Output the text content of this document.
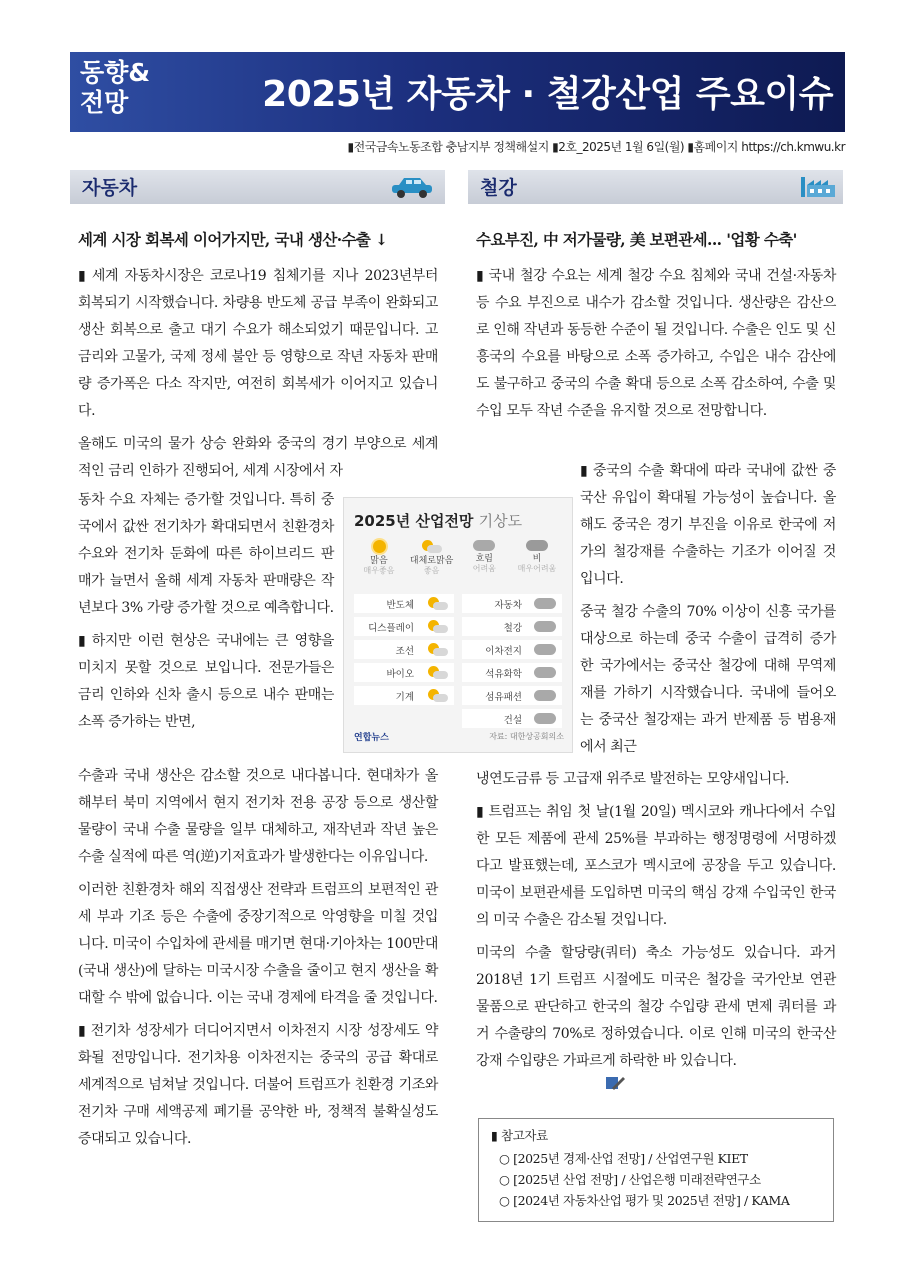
동향&전망	2025년 자동차 · 철강산업 주요이슈
▮전국금속노동조합 충남지부 정책해설지 ▮2호_2025년 1월 6일(월) ▮홈페이지 https://ch.kmwu.kr
자동차	철강
세계 시장 회복세 이어가지만, 국내 생산·수출 ↓

▮ 세계 자동차시장은 코로나19 침체기를 지나 2023년부터 회복되기 시작했습니다. 차량용 반도체 공급 부족이 완화되고 생산 회복으로 출고 대기 수요가 해소되었기 때문입니다. 고금리와 고물가, 국제 정세 불안 등 영향으로 작년 자동차 판매량 증가폭은 다소 작지만, 여전히 회복세가 이어지고 있습니다.

올해도 미국의 물가 상승 완화와 중국의 경기 부양으로 세계적인 금리 인하가 진행되어, 세계 시장에서 자

동차 수요 자체는 증가할 것입니다. 특히 중국에서 값싼 전기차가 확대되면서 친환경차 수요와 전기차 둔화에 따른 하이브리드 판매가 늘면서 올해 세계 자동차 판매량은 작년보다 3% 가량 증가할 것으로 예측합니다.

▮ 하지만 이런 현상은 국내에는 큰 영향을 미치지 못할 것으로 보입니다. 전문가들은 금리 인하와 신차 출시 등으로 내수 판매는 소폭 증가하는 반면,

수출과 국내 생산은 감소할 것으로 내다봅니다. 현대차가 올해부터 북미 지역에서 현지 전기차 전용 공장 등으로 생산할 물량이 국내 수출 물량을 일부 대체하고, 재작년과 작년 높은 수출 실적에 따른 역(逆)기저효과가 발생한다는 이유입니다.

이러한 친환경차 해외 직접생산 전략과 트럼프의 보편적인 관세 부과 기조 등은 수출에 중장기적으로 악영향을 미칠 것입니다. 미국이 수입차에 관세를 매기면 현대·기아차는 100만대(국내 생산)에 달하는 미국시장 수출을 줄이고 현지 생산을 확대할 수 밖에 없습니다. 이는 국내 경제에 타격을 줄 것입니다.

▮ 전기차 성장세가 더디어지면서 이차전지 시장 성장세도 약화될 전망입니다. 전기차용 이차전지는 중국의 공급 확대로 세계적으로 넘쳐날 것입니다. 더불어 트럼프가 친환경 기조와 전기차 구매 세액공제 폐기를 공약한 바, 정책적 불확실성도 증대되고 있습니다.

수요부진, 中 저가물량, 美 보편관세... '업황 수축'

▮ 국내 철강 수요는 세계 철강 수요 침체와 국내 건설·자동차 등 수요 부진으로 내수가 감소할 것입니다. 생산량은 감산으로 인해 작년과 동등한 수준이 될 것입니다. 수출은 인도 및 신흥국의 수요를 바탕으로 소폭 증가하고, 수입은 내수 감산에도 불구하고 중국의 수출 확대 등으로 소폭 감소하여, 수출 및 수입 모두 작년 수준을 유지할 것으로 전망합니다.

▮ 중국의 수출 확대에 따라 국내에 값싼 중국산 유입이 확대될 가능성이 높습니다. 올해도 중국은 경기 부진을 이유로 한국에 저가의 철강재를 수출하는 기조가 이어질 것입니다.

중국 철강 수출의 70% 이상이 신흥 국가를 대상으로 하는데 중국 수출이 급격히 증가한 국가에서는 중국산 철강에 대해 무역제재를 가하기 시작했습니다. 국내에 들어오는 중국산 철강재는 과거 반제품 등 범용재에서 최근

냉연도금류 등 고급재 위주로 발전하는 모양새입니다.

▮ 트럼프는 취임 첫 날(1월 20일) 멕시코와 캐나다에서 수입한 모든 제품에 관세 25%를 부과하는 행정명령에 서명하겠다고 발표했는데, 포스코가 멕시코에 공장을 두고 있습니다. 미국이 보편관세를 도입하면 미국의 핵심 강재 수입국인 한국의 미국 수출은 감소될 것입니다.

미국의 수출 할당량(쿼터) 축소 가능성도 있습니다. 과거 2018년 1기 트럼프 시절에도 미국은 철강을 국가안보 연관 물품으로 판단하고 한국의 철강 수입량 관세 면제 쿼터를 과거 수출량의 70%로 정하였습니다. 이로 인해 미국의 한국산 강재 수입량은 가파르게 하락한 바 있습니다.

2025년 산업전망 기상도

맑음
매우좋음

대체로맑음
좋음

흐림
어려움

비
매우어려움
반도체	자동차
디스플레이	철강
조선	이차전지
바이오	석유화학
기계	섬유패션
건설
연합뉴스	자료: 대한상공회의소
▮ 참고자료
○ [2025년 경제·산업 전망] / 산업연구원 KIET
○ [2025년 산업 전망] / 산업은행 미래전략연구소
○ [2024년 자동차산업 평가 및 2025년 전망] / KAMA
